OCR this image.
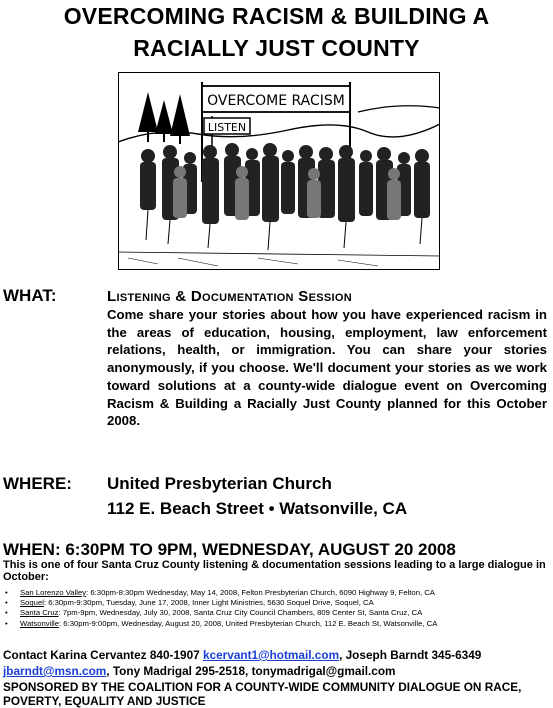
OVERCOMING RACISM & BUILDING A
RACIALLY JUST COUNTY
OVERCOME RACISM
LISTEN
WHAT:	Listening & Documentation Session
Come share your stories about how you have experienced racism in the areas of education, housing, employment, law enforcement relations, health, or immigration. You can share your stories anonymously, if you choose. We'll document your stories as we work toward solutions at a county-wide dialogue event on Overcoming Racism & Building a Racially Just County planned for this October 2008.
WHERE: United Presbyterian Church
112 E. Beach Street • Watsonville, CA
WHEN: 6:30PM TO 9PM, WEDNESDAY, AUGUST 20 2008
This is one of four Santa Cruz County listening & documentation sessions leading to a large dialogue in October:
• San Lorenzo Valley: 6:30pm-8:30pm Wednesday, May 14, 2008, Felton Presbyterian Church, 6090 Highway 9, Felton, CA
• Soquel: 6:30pm-9:30pm, Tuesday, June 17, 2008, Inner Light Ministries, 5630 Soquel Drive, Soquel, CA
• Santa Cruz: 7pm-9pm, Wednesday, July 30, 2008, Santa Cruz City Council Chambers, 809 Center St, Santa Cruz, CA
• Watsonville: 6:30pm-9:00pm, Wednesday, August 20, 2008, United Presbyterian Church, 112 E. Beach St, Watsonville, CA
Contact Karina Cervantez 840-1907 kcervant1@hotmail.com, Joseph Barndt 345-6349 jbarndt@msn.com, Tony Madrigal 295-2518, tonymadrigal@gmail.com
SPONSORED BY THE COALITION FOR A COUNTY-WIDE COMMUNITY DIALOGUE ON RACE, POVERTY, EQUALITY AND JUSTICE
